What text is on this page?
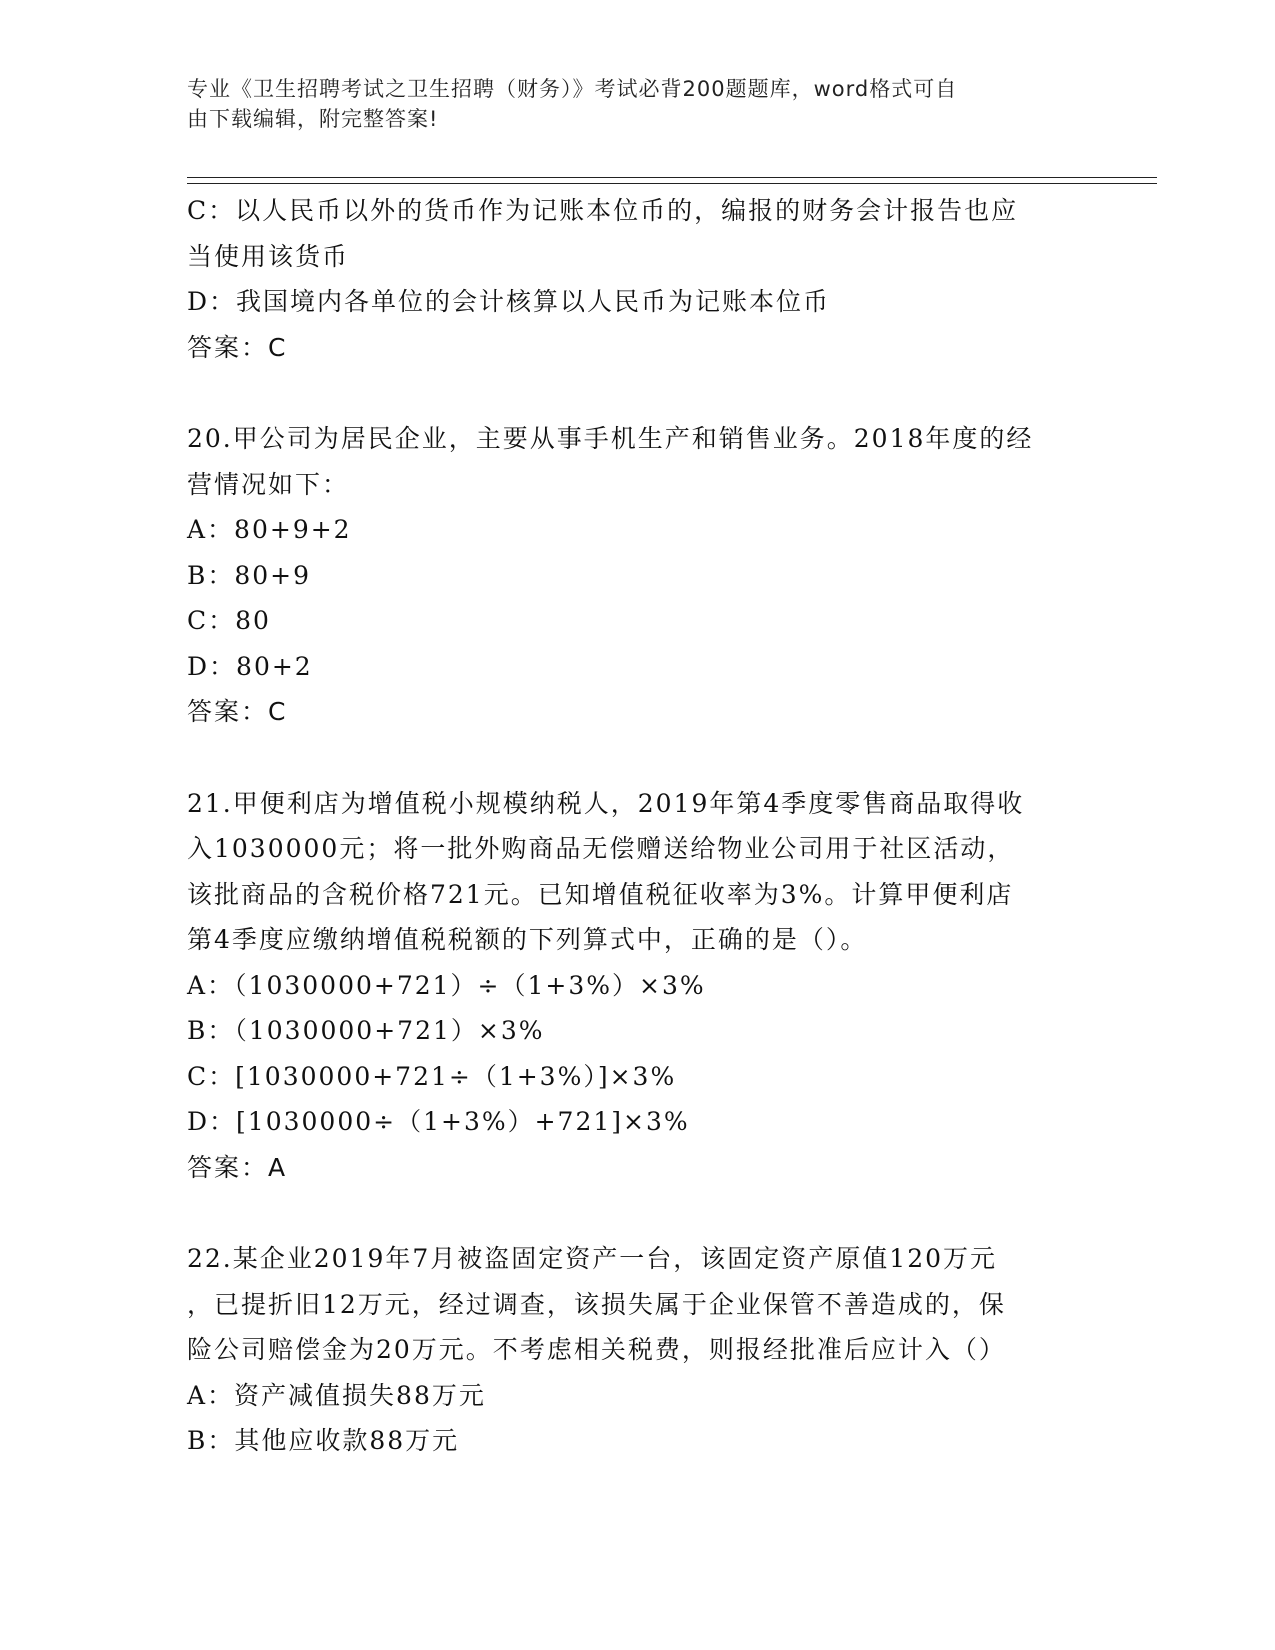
专业《卫生招聘考试之卫生招聘（财务）》考试必背200题题库，word格式可自
由下载编辑，附完整答案!

C：以人民币以外的货币作为记账本位币的，编报的财务会计报告也应

当使用该货币

D：我国境内各单位的会计核算以人民币为记账本位币

答案：C

20.甲公司为居民企业，主要从事手机生产和销售业务。2018年度的经

营情况如下：

A：80+9+2

B：80+9

C：80

D：80+2

答案：C

21.甲便利店为增值税小规模纳税人，2019年第4季度零售商品取得收

入1030000元；将一批外购商品无偿赠送给物业公司用于社区活动，

该批商品的含税价格721元。已知增值税征收率为3%。计算甲便利店

第4季度应缴纳增值税税额的下列算式中，正确的是（）。

A：（1030000+721）÷（1+3%）×3%

B：（1030000+721）×3%

C：[1030000+721÷（1+3%）]×3%

D：[1030000÷（1+3%）+721]×3%

答案：A

22.某企业2019年7月被盗固定资产一台，该固定资产原值120万元

，已提折旧12万元，经过调查，该损失属于企业保管不善造成的，保

险公司赔偿金为20万元。不考虑相关税费，则报经批准后应计入（）

A：资产减值损失88万元

B：其他应收款88万元
